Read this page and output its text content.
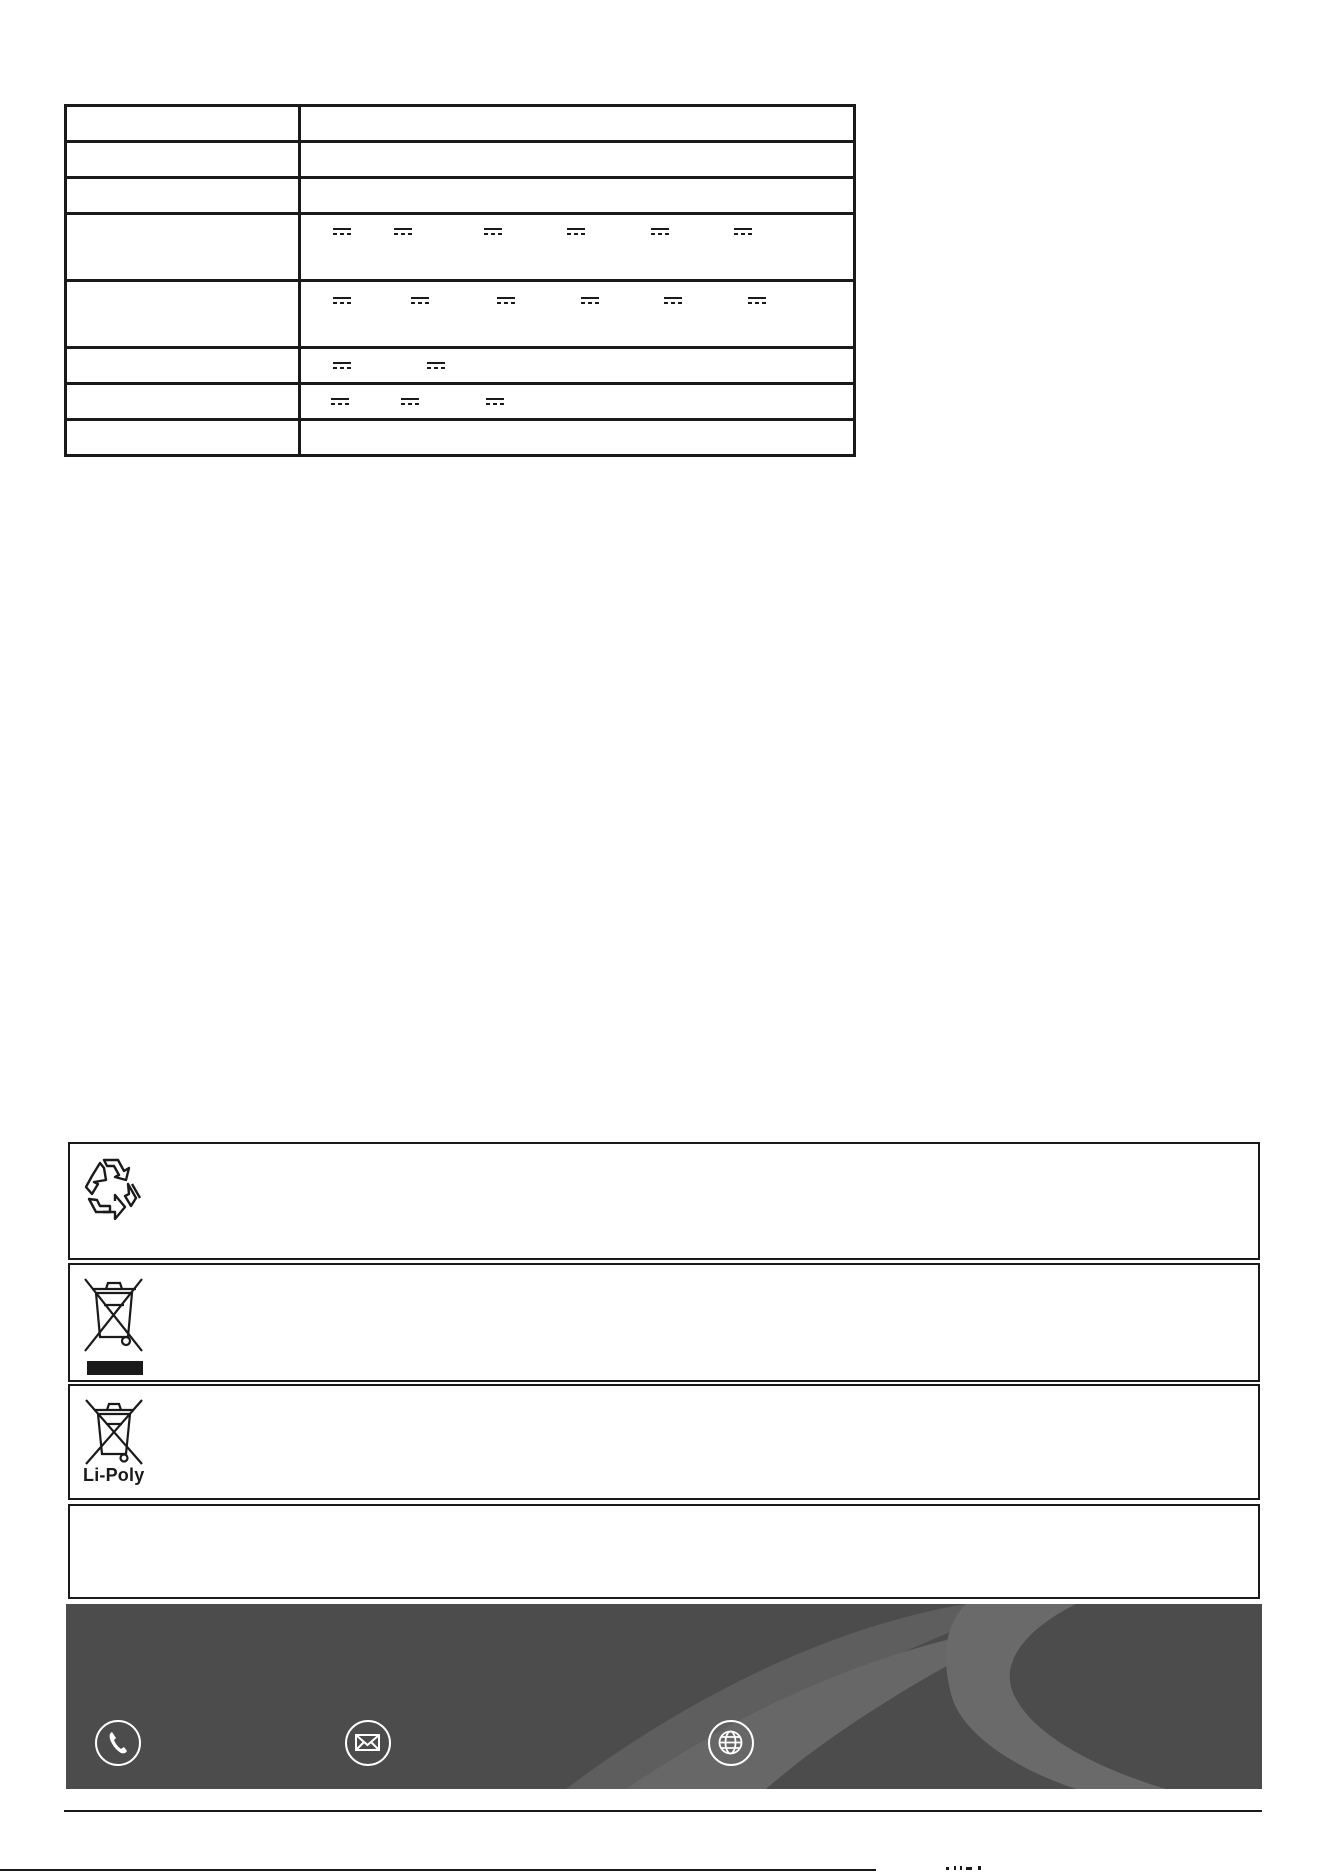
Li-Poly
